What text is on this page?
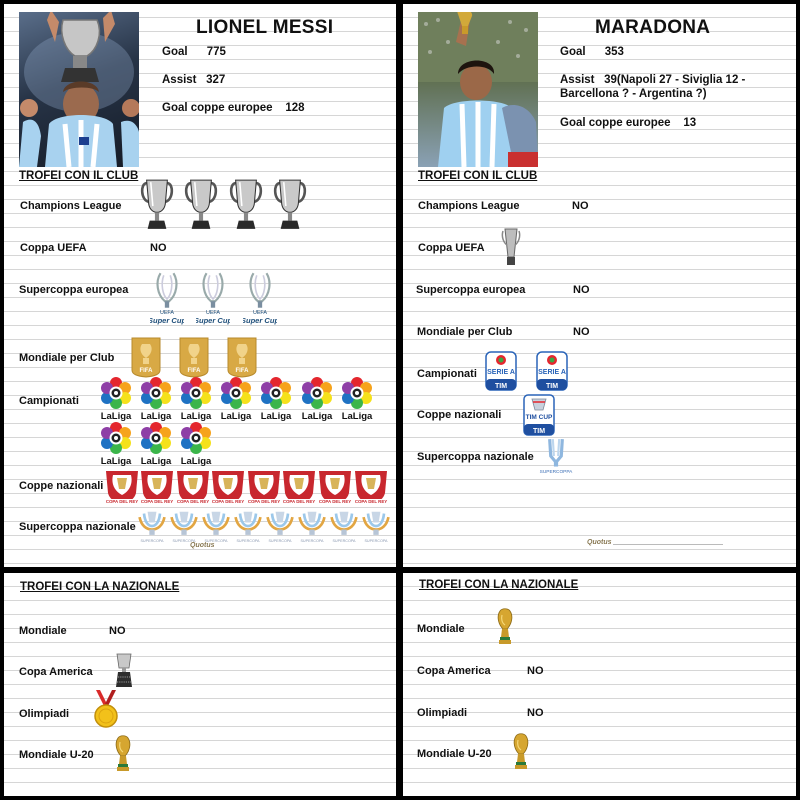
LIONEL MESSI
Goal 775
Assist 327
Goal coppe europee 128
TROFEI CON IL CLUB
Champions League
Coppa UEFA	NO
Supercoppa europea
Mondiale per Club
Campionati
LaLiga LaLiga LaLiga LaLiga LaLiga	LaLiga LaLiga
LaLiga LaLiga LaLiga
Coppe nazionali
Supercoppa nazionale
Quotus
MARADONA
Goal 353
Assist 39(Napoli 27 - Siviglia 12 -
Barcellona ? - Argentina ?)
Goal coppe europee 13
TROFEI CON IL CLUB
Champions League	NO
Coppa UEFA
Supercoppa europea	NO
Mondiale per Club	NO
Campionati
Coppe nazionali
Supercoppa nazionale
Quotus
TROFEI CON LA NAZIONALE
Mondiale	NO
Copa America
Olimpiadi
Mondiale U-20
TROFEI CON LA NAZIONALE
Mondiale
Copa America	NO
Olimpiadi	NO
Mondiale U-20
